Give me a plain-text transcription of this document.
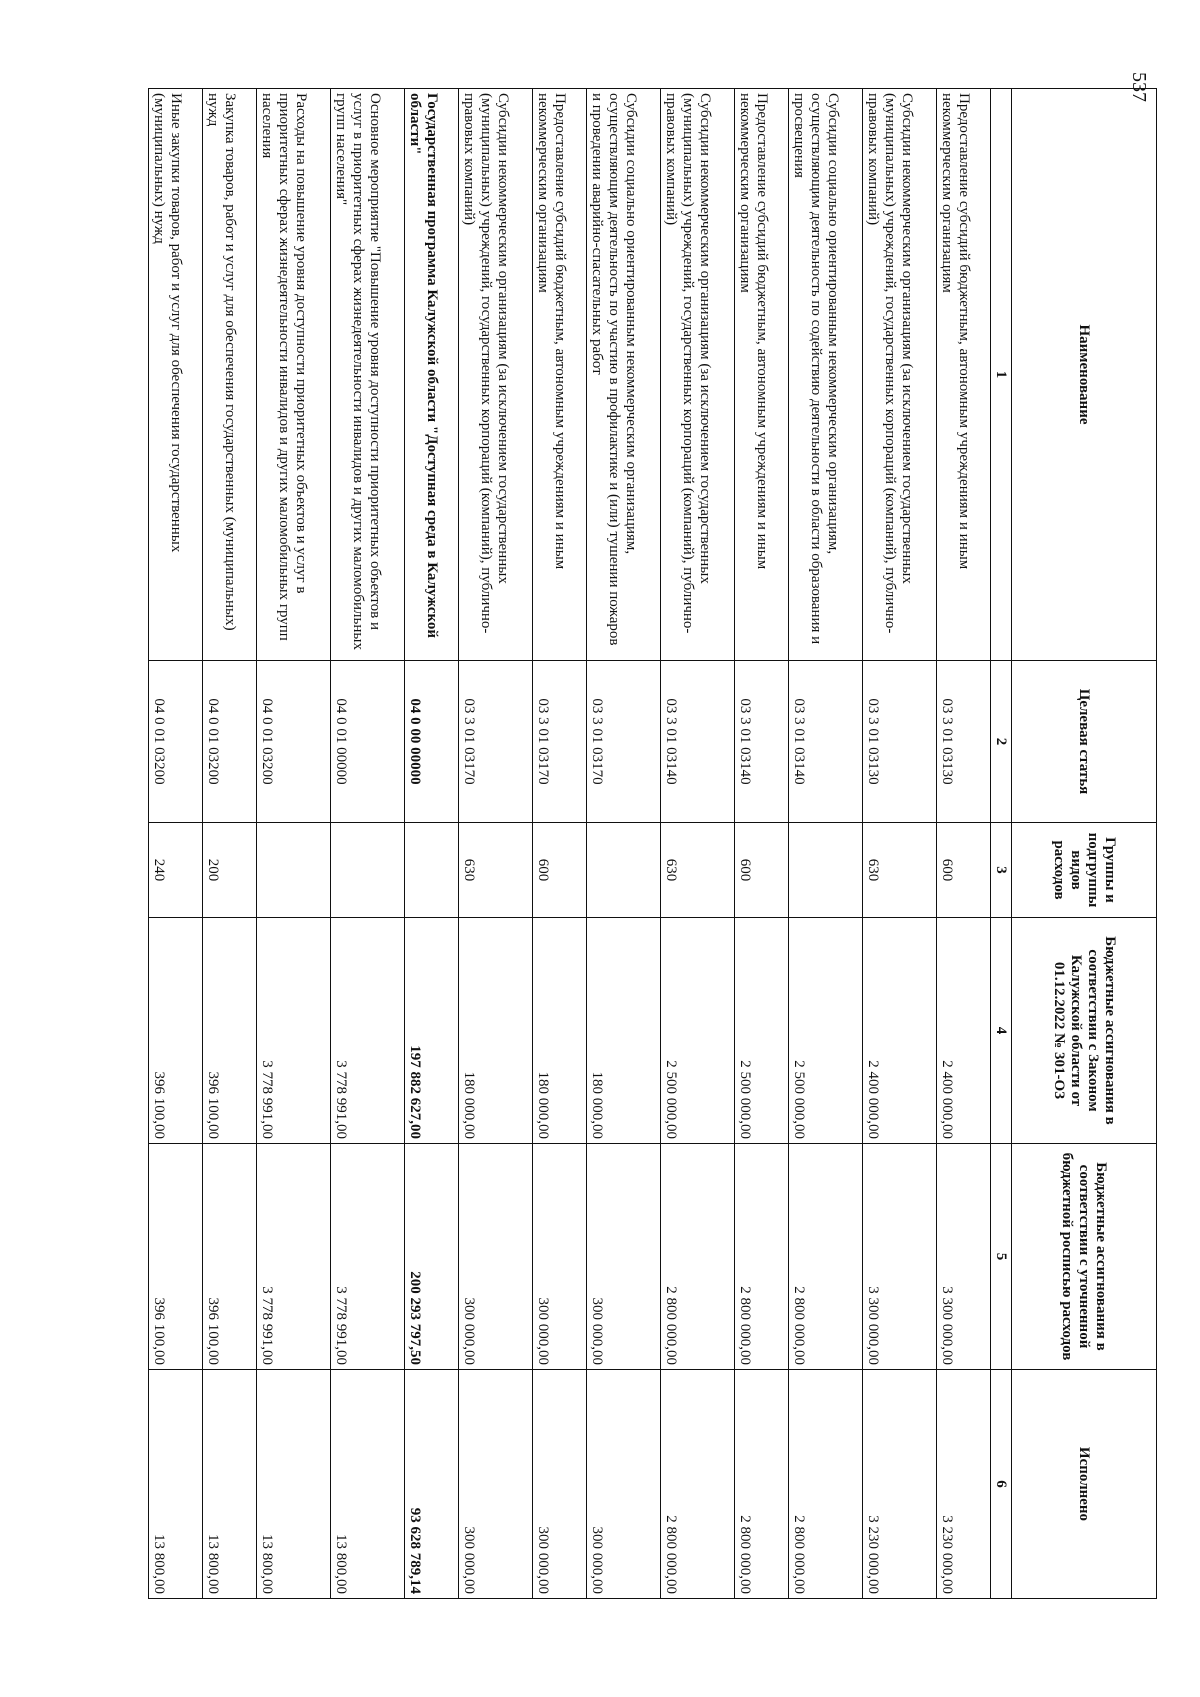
537
Наименование	Целевая статья	Группы и подгруппы видов расходов	Бюджетные ассигнования в соответствии с Законом Калужской области от 01.12.2022 № 301-ОЗ	Бюджетные ассигнования в соответствии с уточненной бюджетной росписью расходов	Исполнено
1	2	3	4	5	6
Предоставление субсидий бюджетным, автономным учреждениям и иным некоммерческим организациям	03 3 01 03130	600	2 400 000,00	3 300 000,00	3 230 000,00
Субсидии некоммерческим организациям (за исключением государственных (муниципальных) учреждений, государственных корпораций (компаний), публично-правовых компаний)	03 3 01 03130	630	2 400 000,00	3 300 000,00	3 230 000,00
Субсидии социально ориентированным некоммерческим организациям, осуществляющим деятельность по содействию деятельности в области образования и просвещения	03 3 01 03140		2 500 000,00	2 800 000,00	2 800 000,00
Предоставление субсидий бюджетным, автономным учреждениям и иным некоммерческим организациям	03 3 01 03140	600	2 500 000,00	2 800 000,00	2 800 000,00
Субсидии некоммерческим организациям (за исключением государственных (муниципальных) учреждений, государственных корпораций (компаний), публично-правовых компаний)	03 3 01 03140	630	2 500 000,00	2 800 000,00	2 800 000,00
Субсидии социально ориентированным некоммерческим организациям, осуществляющим деятельность по участию в профилактике и (или) тушении пожаров и проведении аварийно-спасательных работ	03 3 01 03170		180 000,00	300 000,00	300 000,00
Предоставление субсидий бюджетным, автономным учреждениям и иным некоммерческим организациям	03 3 01 03170	600	180 000,00	300 000,00	300 000,00
Субсидии некоммерческим организациям (за исключением государственных (муниципальных) учреждений, государственных корпораций (компаний), публично-правовых компаний)	03 3 01 03170	630	180 000,00	300 000,00	300 000,00
Государственная программа Калужской области "Доступная среда в Калужской области"	04 0 00 00000		197 882 627,00	200 293 797,50	93 628 789,14
Основное мероприятие "Повышение уровня доступности приоритетных объектов и услуг в приоритетных сферах жизнедеятельности инвалидов и других маломобильных групп населения"	04 0 01 00000		3 778 991,00	3 778 991,00	13 800,00
Расходы на повышение уровня доступности приоритетных объектов и услуг в приоритетных сферах жизнедеятельности инвалидов и других маломобильных групп населения	04 0 01 03200		3 778 991,00	3 778 991,00	13 800,00
Закупка товаров, работ и услуг для обеспечения государственных (муниципальных) нужд	04 0 01 03200	200	396 100,00	396 100,00	13 800,00
Иные закупки товаров, работ и услуг для обеспечения государственных (муниципальных) нужд	04 0 01 03200	240	396 100,00	396 100,00	13 800,00
